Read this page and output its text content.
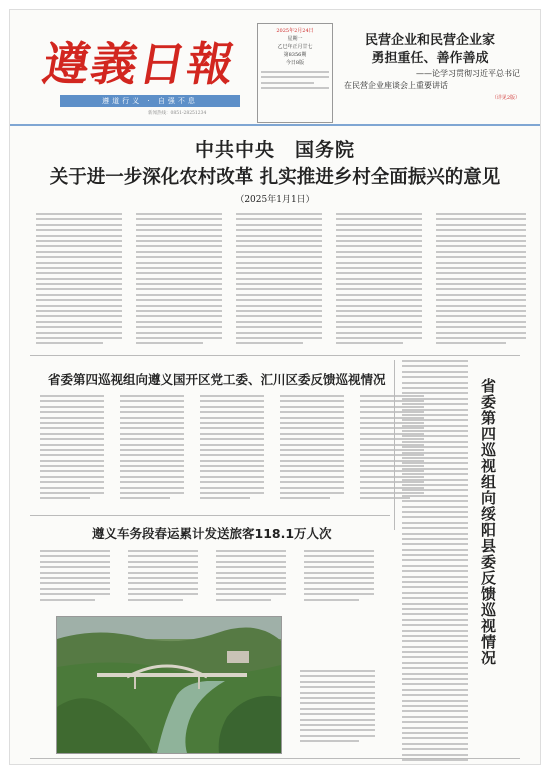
遵義日報
遵道行义 · 自强不息
新闻热线：0851-28251234
2025年2月24日
星期一
乙巳年正月廿七
第8356期
今日8版
民营企业和民营企业家
勇担重任、善作善成
——论学习贯彻习近平总书记
在民营企业座谈会上重要讲话
（详见2版）
中共中央　国务院
关于进一步深化农村改革 扎实推进乡村全面振兴的意见
（2025年1月1日）
省委第四巡视组向遵义国开区党工委、汇川区委反馈巡视情况
遵义车务段春运累计发送旅客118.1万人次	省委第四巡视组向绥阳县委反馈巡视情况
